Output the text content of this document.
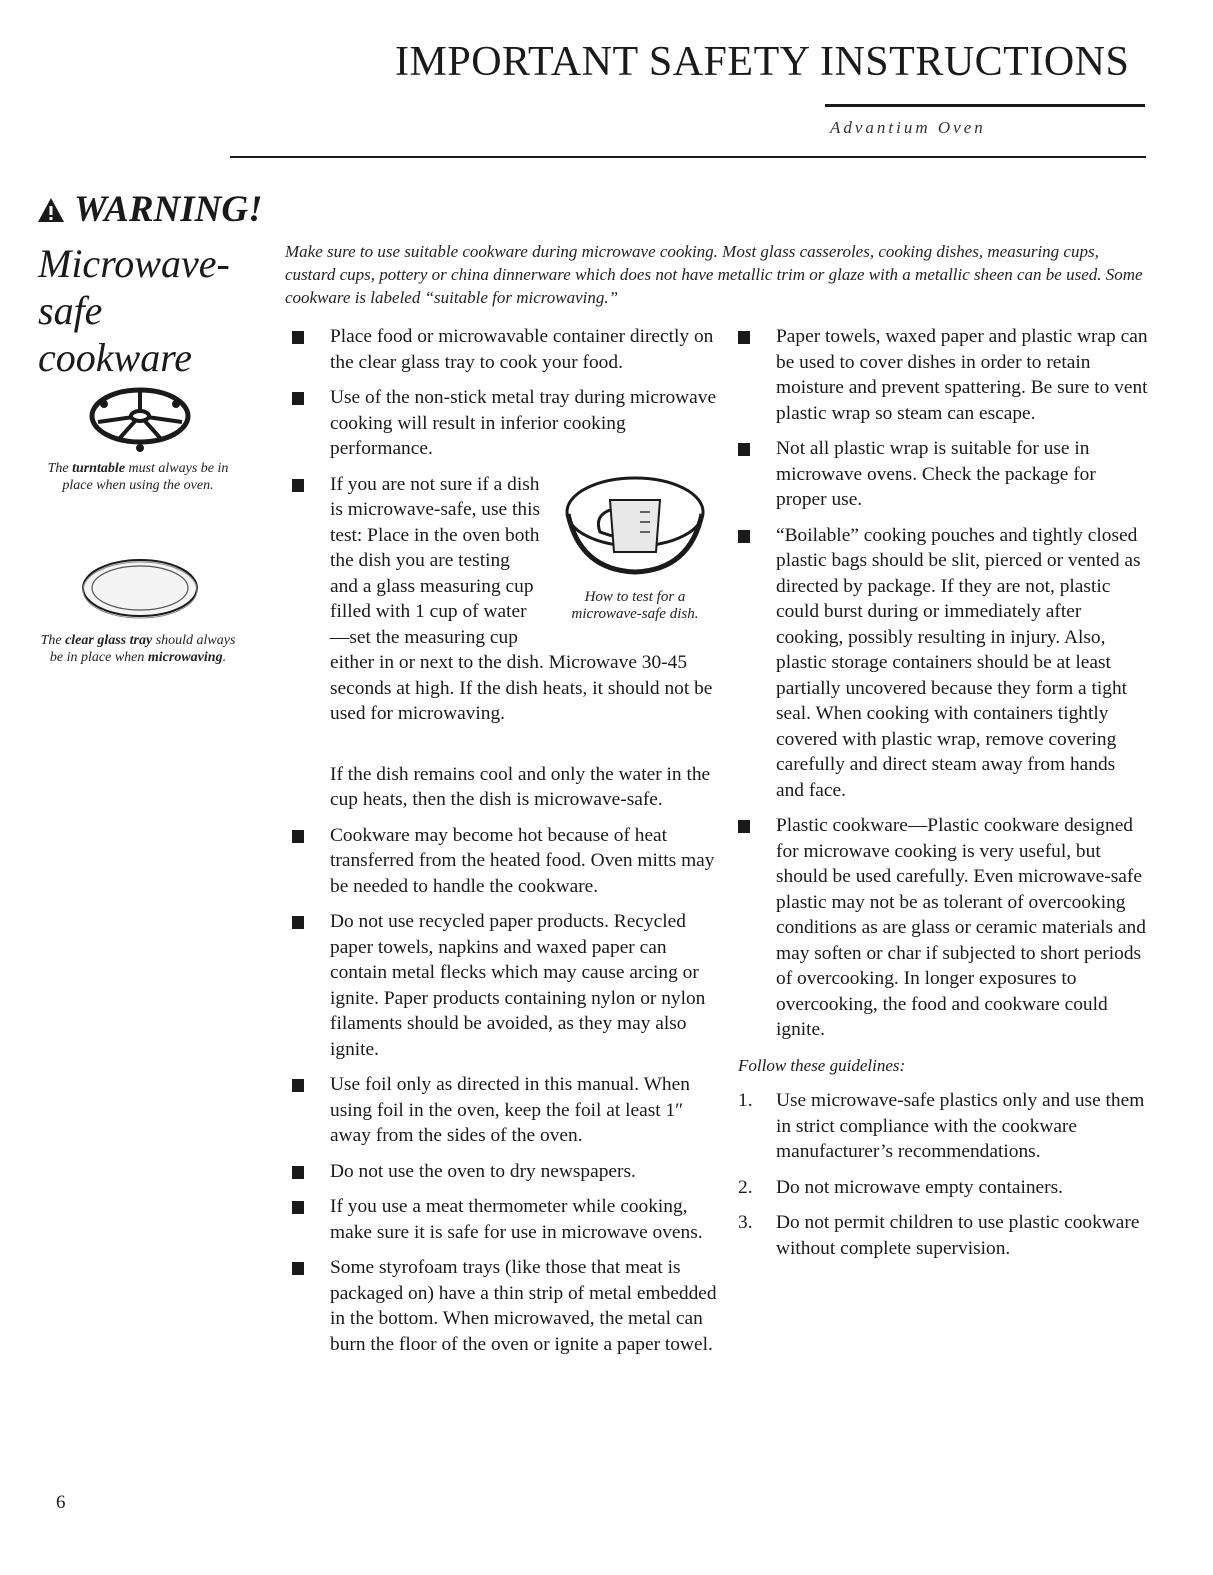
IMPORTANT SAFETY INSTRUCTIONS
Advantium Oven
WARNING!
Microwave-safe cookware
The turntable must always be in place when using the oven.
The clear glass tray should always be in place when microwaving.
6
Make sure to use suitable cookware during microwave cooking. Most glass casseroles, cooking dishes, measuring cups, custard cups, pottery or china dinnerware which does not have metallic trim or glaze with a metallic sheen can be used. Some cookware is labeled “suitable for microwaving.”
Place food or microwavable container directly on the clear glass tray to cook your food.
Use of the non-stick metal tray during microwave cooking will result in inferior cooking performance.
How to test for a microwave-safe dish.
If you are not sure if a dish is microwave-safe, use this test: Place in the oven both the dish you are testing and a glass measuring cup filled with 1 cup of water—set the measuring cup either in or next to the dish. Microwave 30-45 seconds at high. If the dish heats, it should not be used for microwaving.
If the dish remains cool and only the water in the cup heats, then the dish is microwave-safe.
Cookware may become hot because of heat transferred from the heated food. Oven mitts may be needed to handle the cookware.
Do not use recycled paper products. Recycled paper towels, napkins and waxed paper can contain metal flecks which may cause arcing or ignite. Paper products containing nylon or nylon filaments should be avoided, as they may also ignite.
Use foil only as directed in this manual. When using foil in the oven, keep the foil at least 1″ away from the sides of the oven.
Do not use the oven to dry newspapers.
If you use a meat thermometer while cooking, make sure it is safe for use in microwave ovens.
Some styrofoam trays (like those that meat is packaged on) have a thin strip of metal embedded in the bottom. When microwaved, the metal can burn the floor of the oven or ignite a paper towel.
Paper towels, waxed paper and plastic wrap can be used to cover dishes in order to retain moisture and prevent spattering. Be sure to vent plastic wrap so steam can escape.
Not all plastic wrap is suitable for use in microwave ovens. Check the package for proper use.
“Boilable” cooking pouches and tightly closed plastic bags should be slit, pierced or vented as directed by package. If they are not, plastic could burst during or immediately after cooking, possibly resulting in injury. Also, plastic storage containers should be at least partially uncovered because they form a tight seal. When cooking with containers tightly covered with plastic wrap, remove covering carefully and direct steam away from hands and face.
Plastic cookware—Plastic cookware designed for microwave cooking is very useful, but should be used carefully. Even microwave-safe plastic may not be as tolerant of overcooking conditions as are glass or ceramic materials and may soften or char if subjected to short periods of overcooking. In longer exposures to overcooking, the food and cookware could ignite.
Follow these guidelines:
1. Use microwave-safe plastics only and use them in strict compliance with the cookware manufacturer’s recommendations.
2. Do not microwave empty containers.
3. Do not permit children to use plastic cookware without complete supervision.
